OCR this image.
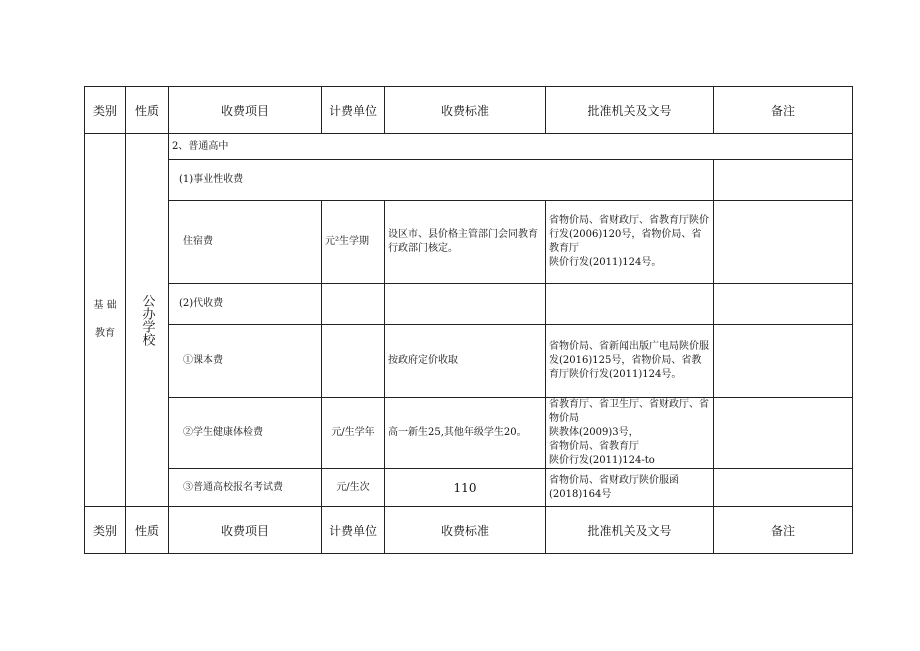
类别	性质	收费项目	计费单位	收费标准	批准机关及文号	备注

基 础
教育	公办学校	2、普通高中				
		(1)事业性收费				
		住宿费	元²生学期	设区市、县价格主管部门会同教育行政部门核定。	省物价局、省财政厅、省教育厅陕价行发(2006)120号，省物价局、省教育厅
陕价行发(2011)124号。	

		(2)代收费				
		①课本费		按政府定价收取	省物价局、省新闻出版广电局陕价服发(2016)125号，省物价局、省教育厅陕价行发(2011)124号。	
		②学生健康体检费	元/生学年	高一新生25,其他年级学生20。	省教育厅、省卫生厅、省财政厅、省物价局
陕教体(2009)3号，
省物价局、省教育厅
陕价行发(2011)124-to	

		③普通高校报名考试费	元/生次	110	省物价局、省财政厅陕价服函(2018)164号	
类别	性质	收费项目	计费单位	收费标准	批准机关及文号	备注
